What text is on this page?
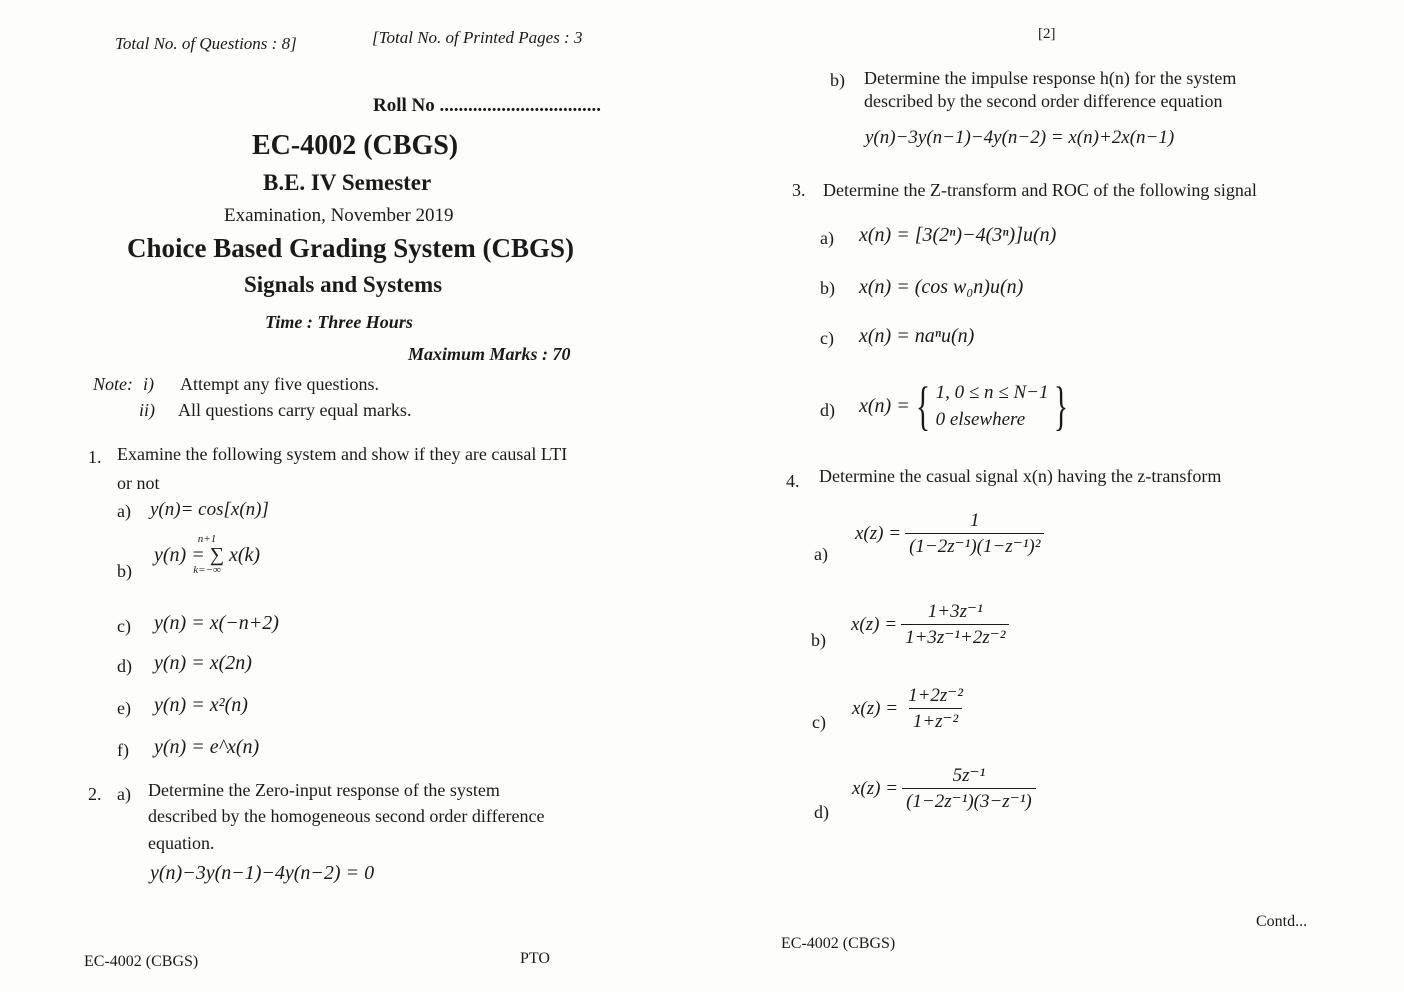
Total No. of Questions : 8]	[Total No. of Printed Pages : 3
Roll No ..................................
EC-4002 (CBGS)
B.E. IV Semester
Examination, November 2019
Choice Based Grading System (CBGS)
Signals and Systems
Time : Three Hours
Maximum Marks : 70
Note: i) Attempt any five questions.
ii) All questions carry equal marks.
1. Examine the following system and show if they are causal LTI
or not
a) y(n)= cos[x(n)]
b)
n+1
y(n) = ∑ x(k)
k=−∞
c) y(n) = x(−n+2)
d) y(n) = x(2n)
e) y(n) = x²(n)
f) y(n) = e^x(n)
2. a) Determine the Zero-input response of the system
described by the homogeneous second order difference
equation.
y(n)−3y(n−1)−4y(n−2) = 0
EC-4002 (CBGS)	PTO
[2]
b) Determine the impulse response h(n) for the system
described by the second order difference equation
y(n)−3y(n−1)−4y(n−2) = x(n)+2x(n−1)
3. Determine the Z-transform and ROC of the following signal
a) x(n) = [3(2ⁿ)−4(3ⁿ)]u(n)
b) x(n) = (cos w₀n)u(n)
c) x(n) = naⁿu(n)
d) x(n) = { 1, 0 ≤ n ≤ N−1
0 elsewhere }
4. Determine the casual signal x(n) having the z-transform
a)
$x(z) = \frac{1}{\text{(1−2z⁻¹)(1−z⁻¹)²}}$
b)
$x(z) = \frac{\text{1+3z⁻¹}}{\text{1+3z⁻¹+2z⁻²}}$
c)
$x(z) = \frac{\text{1+2z⁻²}}{\text{1+z⁻²}}$
d)
$x(z) = \frac{\text{5z⁻¹}}{\text{(1−2z⁻¹)(3−z⁻¹)}}$
EC-4002 (CBGS)
Contd...
